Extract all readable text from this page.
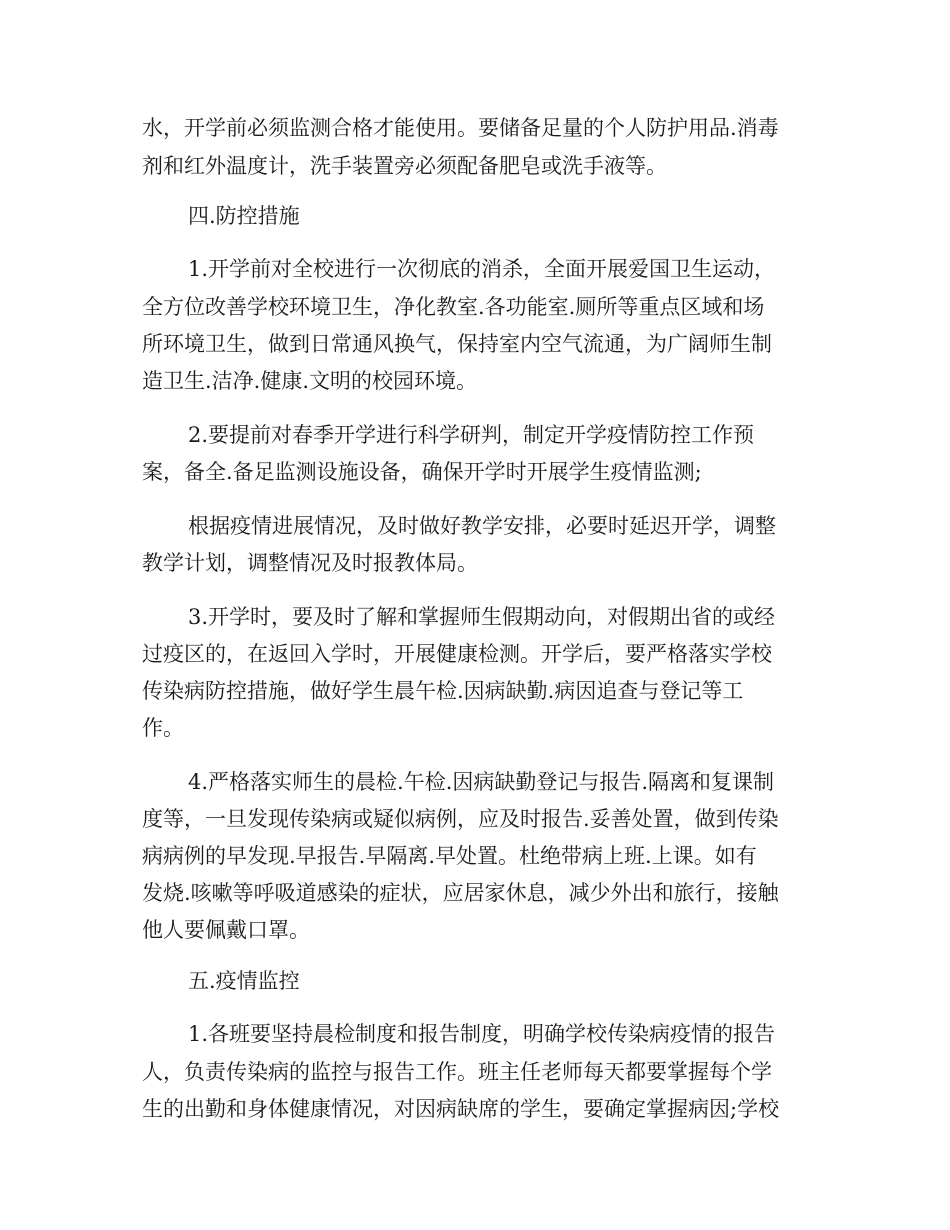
水，开学前必须监测合格才能使用。要储备足量的个人防护用品.消毒
剂和红外温度计，洗手装置旁必须配备肥皂或洗手液等。
四.防控措施
1.开学前对全校进行一次彻底的消杀，全面开展爱国卫生运动，
全方位改善学校环境卫生，净化教室.各功能室.厕所等重点区域和场
所环境卫生，做到日常通风换气，保持室内空气流通，为广阔师生制
造卫生.洁净.健康.文明的校园环境。
2.要提前对春季开学进行科学研判，制定开学疫情防控工作预
案，备全.备足监测设施设备，确保开学时开展学生疫情监测;
根据疫情进展情况，及时做好教学安排，必要时延迟开学，调整
教学计划，调整情况及时报教体局。
3.开学时，要及时了解和掌握师生假期动向，对假期出省的或经
过疫区的，在返回入学时，开展健康检测。开学后，要严格落实学校
传染病防控措施，做好学生晨午检.因病缺勤.病因追查与登记等工
作。
4.严格落实师生的晨检.午检.因病缺勤登记与报告.隔离和复课制
度等，一旦发现传染病或疑似病例，应及时报告.妥善处置，做到传染
病病例的早发现.早报告.早隔离.早处置。杜绝带病上班.上课。如有
发烧.咳嗽等呼吸道感染的症状，应居家休息，减少外出和旅行，接触
他人要佩戴口罩。
五.疫情监控
1.各班要坚持晨检制度和报告制度，明确学校传染病疫情的报告
人，负责传染病的监控与报告工作。班主任老师每天都要掌握每个学
生的出勤和身体健康情况，对因病缺席的学生，要确定掌握病因;学校
